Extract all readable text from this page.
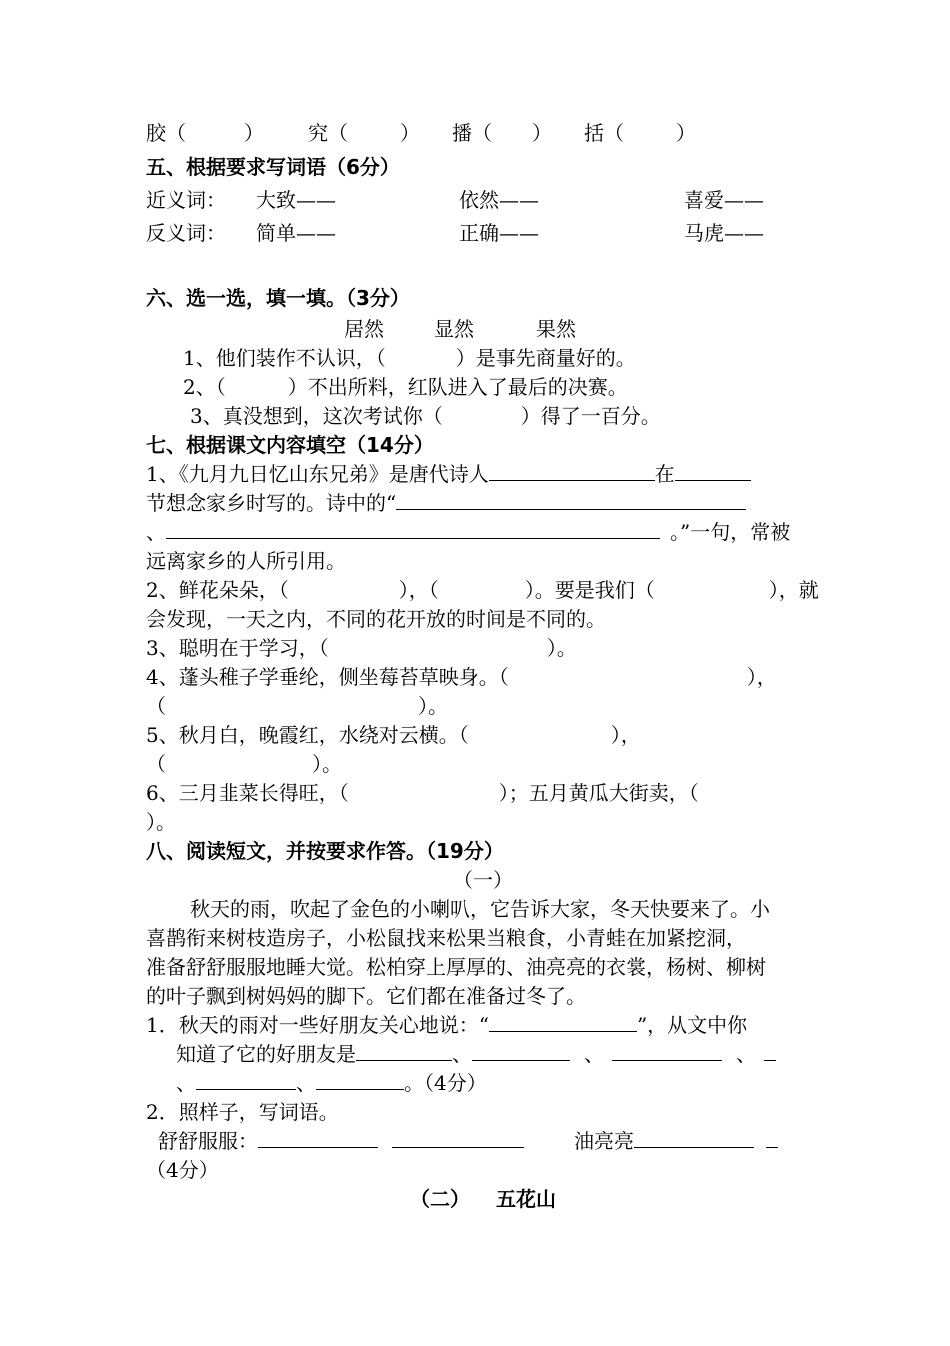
胶（	） 究（	） 播（ ） 括（	）
五、根据要求写词语（6分）
近义词： 大致——	依然——	喜爱——
反义词： 简单——	正确——	马虎——
六、选一选，填一填。（3分）
居然	显然	果然
1、他们装作不认识，（	）是事先商量好的。
2、（	）不出所料，红队进入了最后的决赛。
3、真没想到，这次考试你（	）得了一百分。
七、根据课文内容填空（14分）
1、《九月九日忆山东兄弟》是唐代诗人	在
节想念家乡时写的。诗中的“
、	。”一句，常被
远离家乡的人所引用。
2、鲜花朵朵，（	），（	）。要是我们（	），就
会发现，一天之内，不同的花开放的时间是不同的。
3、聪明在于学习，（	）。
4、蓬头稚子学垂纶，侧坐莓苔草映身。（	），
（	）。
5、秋月白，晚霞红，水绕对云横。（	），
（	）。
6、三月韭菜长得旺，（	）；五月黄瓜大街卖，（
）。
八、阅读短文，并按要求作答。（19分）
（一）
秋天的雨，吹起了金色的小喇叭，它告诉大家，冬天快要来了。小
喜鹊衔来树枝造房子，小松鼠找来松果当粮食，小青蛙在加紧挖洞，
准备舒舒服服地睡大觉。松柏穿上厚厚的、油亮亮的衣裳，杨树、柳树
的叶子飘到树妈妈的脚下。它们都在准备过冬了。
1．秋天的雨对一些好朋友关心地说：“	”，从文中你
知道了它的好朋友是	、	、	、
、	、	。（4分）
2．照样子，写词语。
舒舒服服：	油亮亮
（4分）
（二） 五花山
